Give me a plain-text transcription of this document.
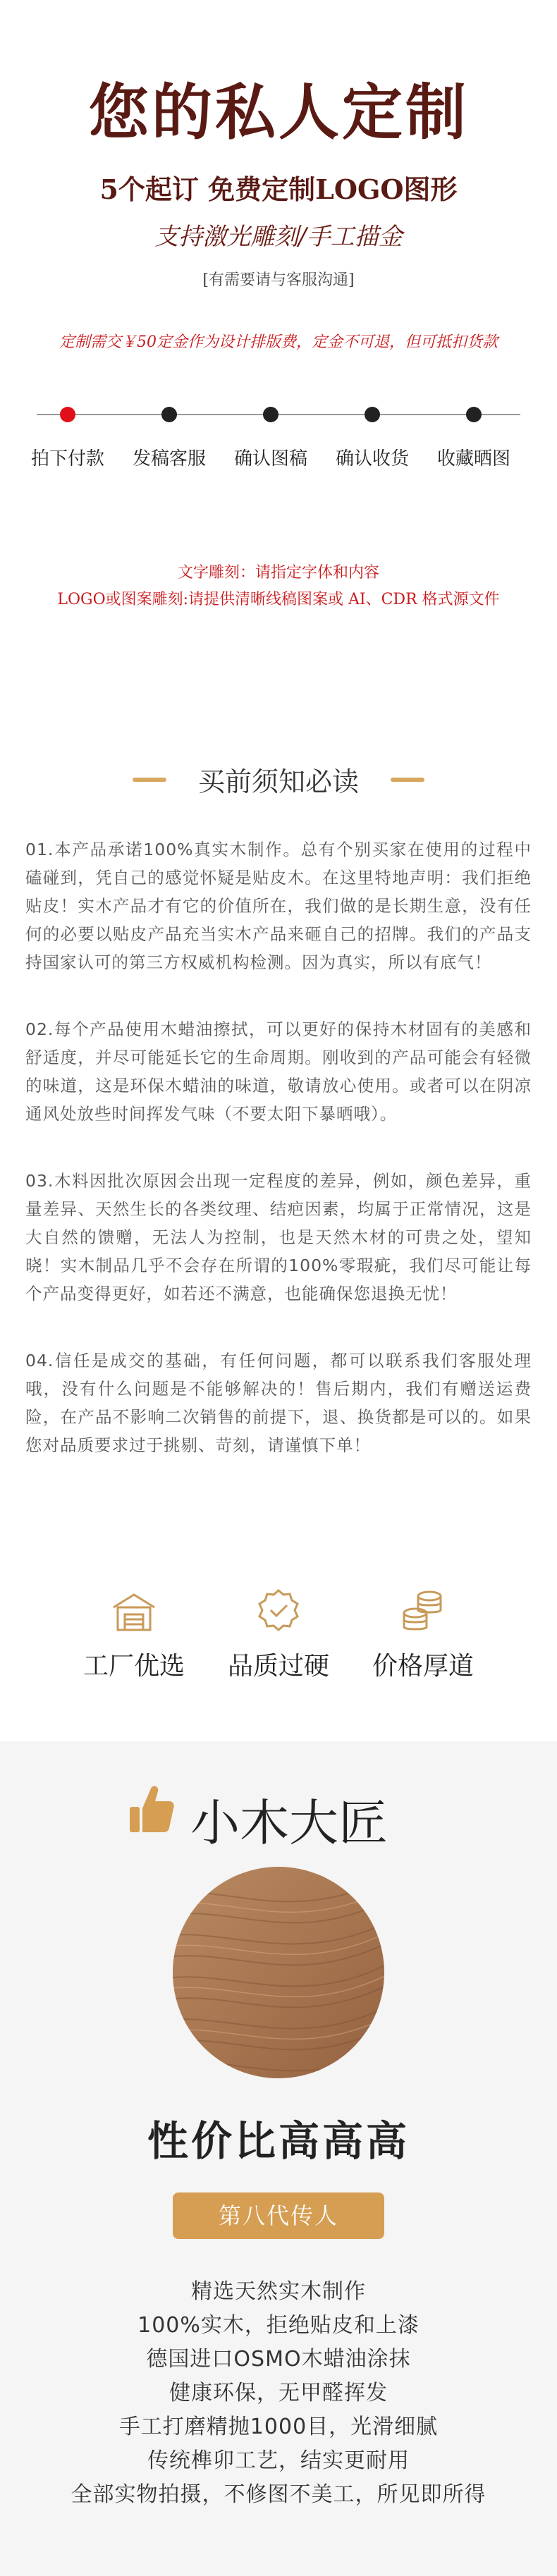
您的私人定制
5个起订 免费定制LOGO图形
支持激光雕刻/手工描金
[有需要请与客服沟通]
定制需交￥50定金作为设计排版费，定金不可退，但可抵扣货款
拍下付款	发稿客服	确认图稿	确认收货	收藏晒图
文字雕刻：请指定字体和内容
LOGO或图案雕刻:请提供清晰线稿图案或 AI、CDR 格式源文件
买前须知必读
01.本产品承诺100%真实木制作。总有个别买家在使用的过程中磕碰到，凭自己的感觉怀疑是贴皮木。在这里特地声明：我们拒绝贴皮！实木产品才有它的价值所在，我们做的是长期生意，没有任何的必要以贴皮产品充当实木产品来砸自己的招牌。我们的产品支持国家认可的第三方权威机构检测。因为真实，所以有底气！
02.每个产品使用木蜡油擦拭，可以更好的保持木材固有的美感和舒适度，并尽可能延长它的生命周期。刚收到的产品可能会有轻微的味道，这是环保木蜡油的味道，敬请放心使用。或者可以在阴凉通风处放些时间挥发气味（不要太阳下暴晒哦）。
03.木料因批次原因会出现一定程度的差异，例如，颜色差异，重量差异、天然生长的各类纹理、结疤因素，均属于正常情况，这是大自然的馈赠，无法人为控制，也是天然木材的可贵之处，望知晓！实木制品几乎不会存在所谓的100%零瑕疵，我们尽可能让每个产品变得更好，如若还不满意，也能确保您退换无忧！
04.信任是成交的基础，有任何问题，都可以联系我们客服处理哦，没有什么问题是不能够解决的！售后期内，我们有赠送运费险，在产品不影响二次销售的前提下，退、换货都是可以的。如果您对品质要求过于挑剔、苛刻，请谨慎下单！
工厂优选	品质过硬	价格厚道
小木大匠
性价比高高高
第八代传人
精选天然实木制作
100%实木，拒绝贴皮和上漆
德国进口OSMO木蜡油涂抹
健康环保，无甲醛挥发
手工打磨精抛1000目，光滑细腻
传统榫卯工艺，结实更耐用
全部实物拍摄，不修图不美工，所见即所得
